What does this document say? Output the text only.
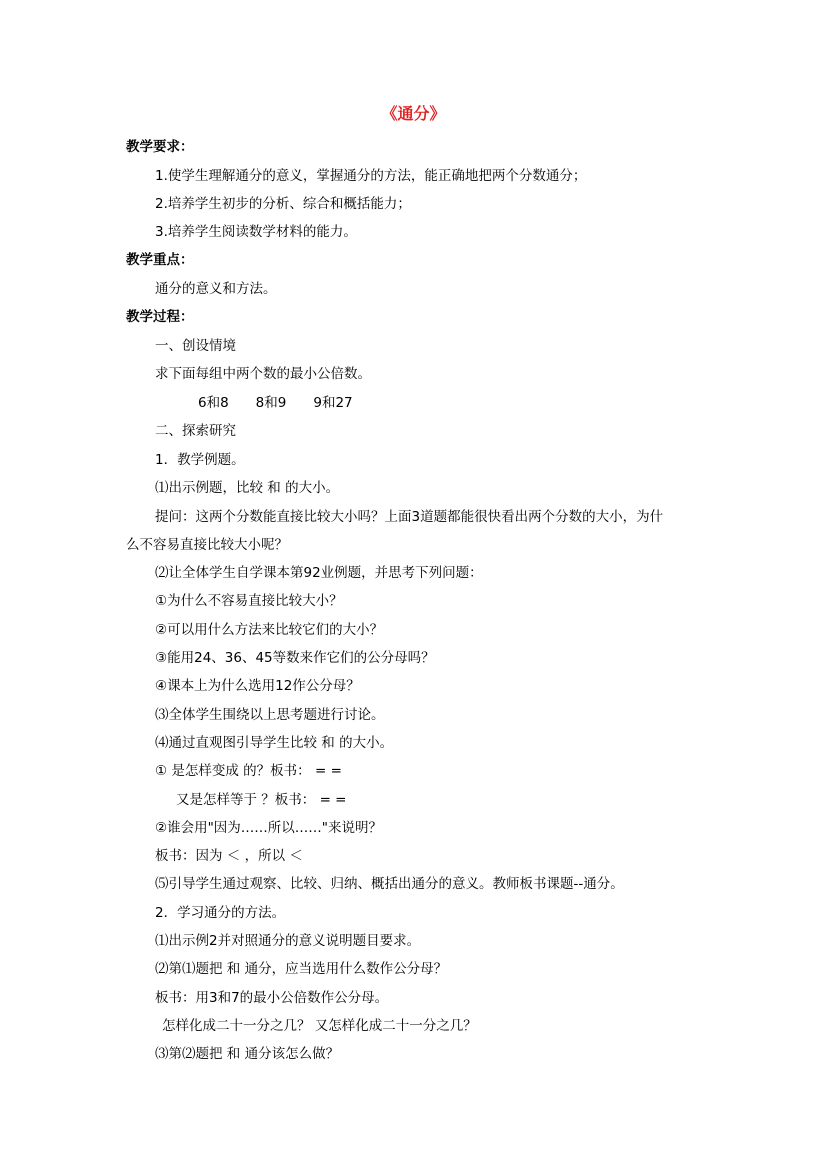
《通分》
教学要求：
1.使学生理解通分的意义，掌握通分的方法，能正确地把两个分数通分；
2.培养学生初步的分析、综合和概括能力；
3.培养学生阅读数学材料的能力。
教学重点：
通分的意义和方法。
教学过程：
一、创设情境
求下面每组中两个数的最小公倍数。
6和8　　8和9　　9和27
二、探索研究
1．教学例题。
⑴出示例题，比较 和 的大小。
提问：这两个分数能直接比较大小吗？上面3道题都能很快看出两个分数的大小，为什
么不容易直接比较大小呢？
⑵让全体学生自学课本第92业例题，并思考下列问题：
①为什么不容易直接比较大小？
②可以用什么方法来比较它们的大小？
③能用24、36、45等数来作它们的公分母吗？
④课本上为什么选用12作公分母？
⑶全体学生围绕以上思考题进行讨论。
⑷通过直观图引导学生比较 和 的大小。
① 是怎样变成 的？板书： = =
又是怎样等于 ？板书： = =
②谁会用"因为……所以……"来说明？
板书：因为 ＜ ，所以 ＜
⑸引导学生通过观察、比较、归纳、概括出通分的意义。教师板书课题--通分。
2．学习通分的方法。
⑴出示例2并对照通分的意义说明题目要求。
⑵第⑴题把 和 通分，应当选用什么数作公分母？
板书：用3和7的最小公倍数作公分母。
怎样化成二十一分之几？ 又怎样化成二十一分之几？
⑶第⑵题把 和 通分该怎么做？
